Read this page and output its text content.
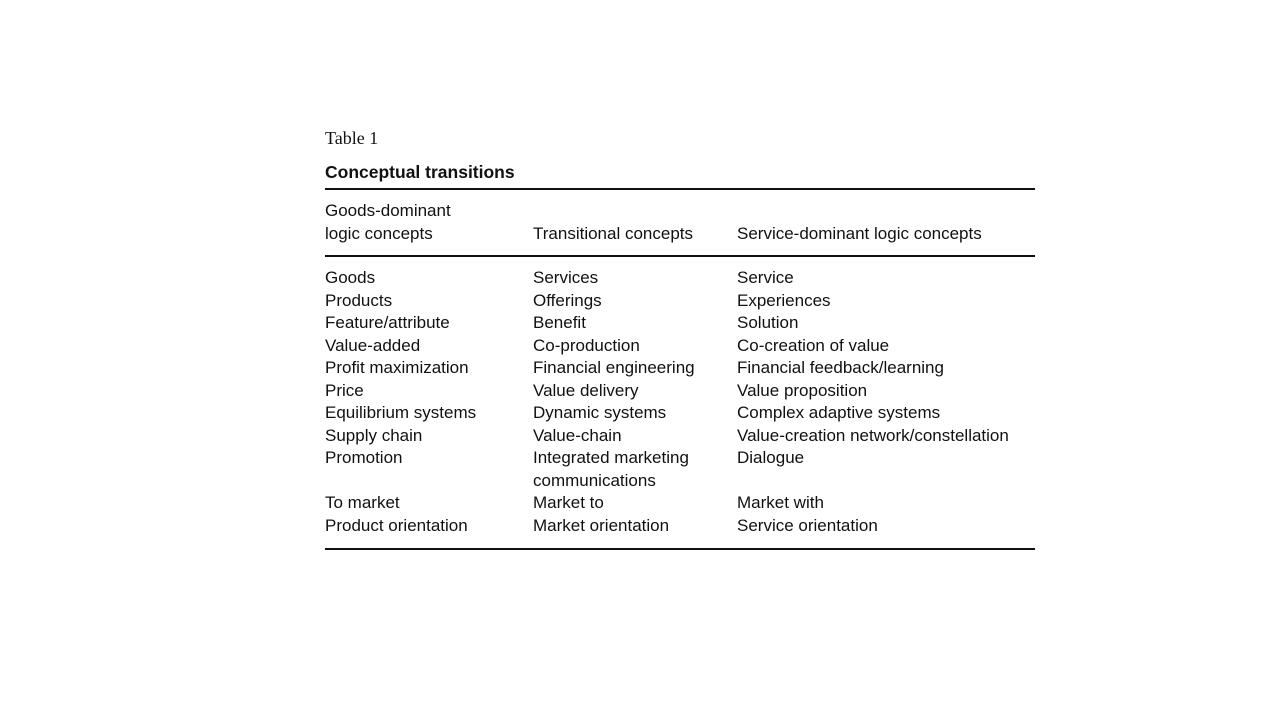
Table 1
Conceptual transitions
Goods-dominant logic concepts	Transitional concepts	Service-dominant logic concepts
Goods	Services	Service
Products	Offerings	Experiences
Feature/attribute	Benefit	Solution
Value-added	Co-production	Co-creation of value
Profit maximization	Financial engineering	Financial feedback/learning
Price	Value delivery	Value proposition
Equilibrium systems	Dynamic systems	Complex adaptive systems
Supply chain	Value-chain	Value-creation network/constellation
Promotion	Integrated marketing communications	Dialogue
To market	Market to	Market with
Product orientation	Market orientation	Service orientation
